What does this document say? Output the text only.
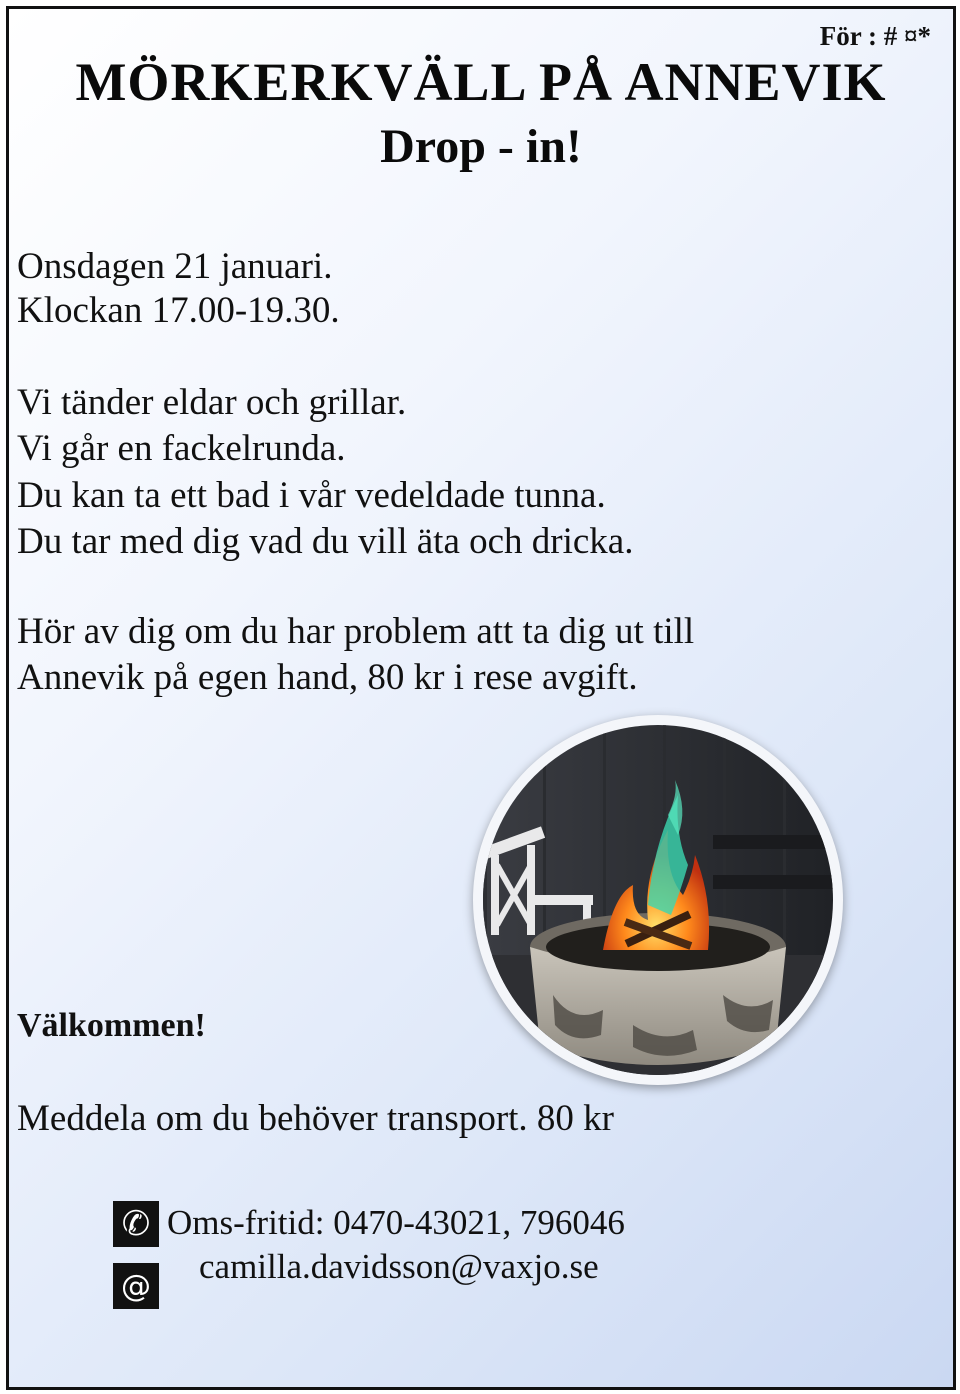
För : # ¤*
MÖRKERKVÄLL PÅ ANNEVIK
Drop - in!
Onsdagen 21 januari.
Klockan 17.00-19.30.
Vi tänder eldar och grillar.
Vi går en fackelrunda.
Du kan ta ett bad i vår vedeldade tunna.
Du tar med dig vad du vill äta och dricka.
Hör av dig om du har problem att ta dig ut till
Annevik på egen hand, 80 kr i rese avgift.
Välkommen!
Meddela om du behöver transport. 80 kr
✆ Oms-fritid: 0470-43021, 796046
@ camilla.davidsson@vaxjo.se
